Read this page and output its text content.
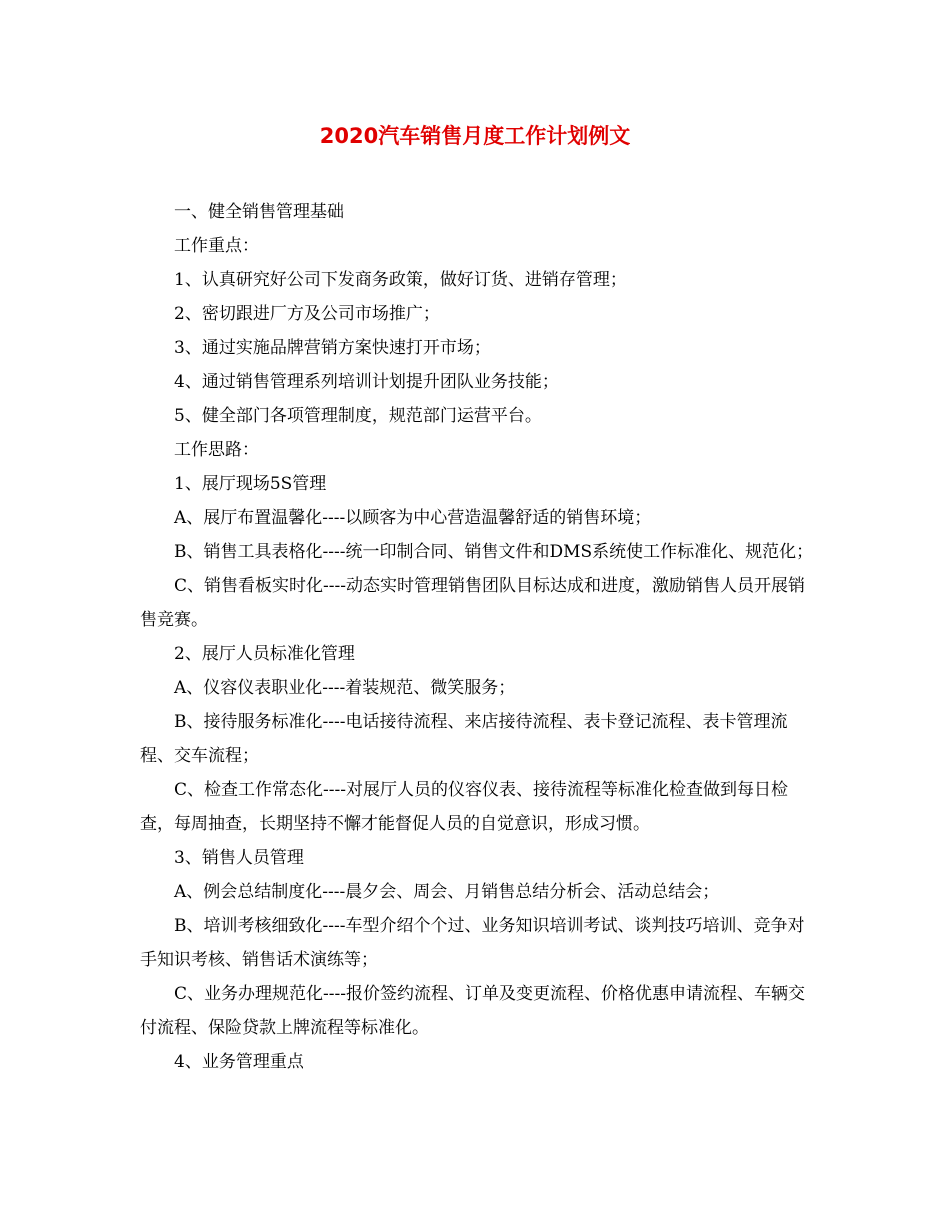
2020汽车销售月度工作计划例文

一、健全销售管理基础

工作重点：

1、认真研究好公司下发商务政策，做好订货、进销存管理；

2、密切跟进厂方及公司市场推广；

3、通过实施品牌营销方案快速打开市场；

4、通过销售管理系列培训计划提升团队业务技能；

5、健全部门各项管理制度，规范部门运营平台。

工作思路：

1、展厅现场5S管理

A、展厅布置温馨化----以顾客为中心营造温馨舒适的销售环境；

B、销售工具表格化----统一印制合同、销售文件和DMS系统使工作标准化、规范化；

C、销售看板实时化----动态实时管理销售团队目标达成和进度，激励销售人员开展销售竞赛。

2、展厅人员标准化管理

A、仪容仪表职业化----着装规范、微笑服务；

B、接待服务标准化----电话接待流程、来店接待流程、表卡登记流程、表卡管理流程、交车流程；

C、检查工作常态化----对展厅人员的仪容仪表、接待流程等标准化检查做到每日检查，每周抽查，长期坚持不懈才能督促人员的自觉意识，形成习惯。

3、销售人员管理

A、例会总结制度化----晨夕会、周会、月销售总结分析会、活动总结会；

B、培训考核细致化----车型介绍个个过、业务知识培训考试、谈判技巧培训、竞争对手知识考核、销售话术演练等；

C、业务办理规范化----报价签约流程、订单及变更流程、价格优惠申请流程、车辆交付流程、保险贷款上牌流程等标准化。

4、业务管理重点
